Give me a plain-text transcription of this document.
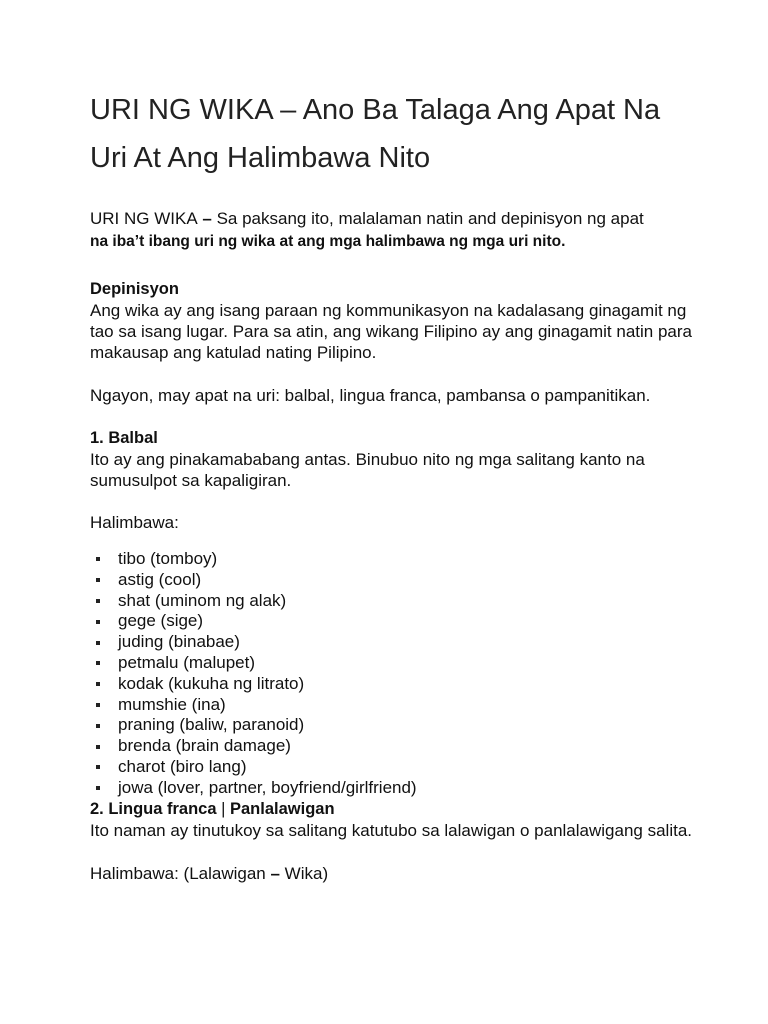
URI NG WIKA – Ano Ba Talaga Ang Apat Na
Uri At Ang Halimbawa Nito

URI NG WIKA – Sa paksang ito, malalaman natin and depinisyon ng apat
na iba’t ibang uri ng wika at ang mga halimbawa ng mga uri nito.

Depinisyon

Ang wika ay ang isang paraan ng kommunikasyon na kadalasang ginagamit ng tao sa isang lugar. Para sa atin, ang wikang Filipino ay ang ginagamit natin para makausap ang katulad nating Pilipino.

Ngayon, may apat na uri: balbal, lingua franca, pambansa o pampanitikan.

1. Balbal

Ito ay ang pinakamababang antas. Binubuo nito ng mga salitang kanto na sumusulpot sa kapaligiran.

Halimbawa:

tibo (tomboy)
astig (cool)
shat (uminom ng alak)
gege (sige)
juding (binabae)
petmalu (malupet)
kodak (kukuha ng litrato)
mumshie (ina)
praning (baliw, paranoid)
brenda (brain damage)
charot (biro lang)
jowa (lover, partner, boyfriend/girlfriend)
2. Lingua franca | Panlalawigan

Ito naman ay tinutukoy sa salitang katutubo sa lalawigan o panlalawigang salita.

Halimbawa: (Lalawigan – Wika)
